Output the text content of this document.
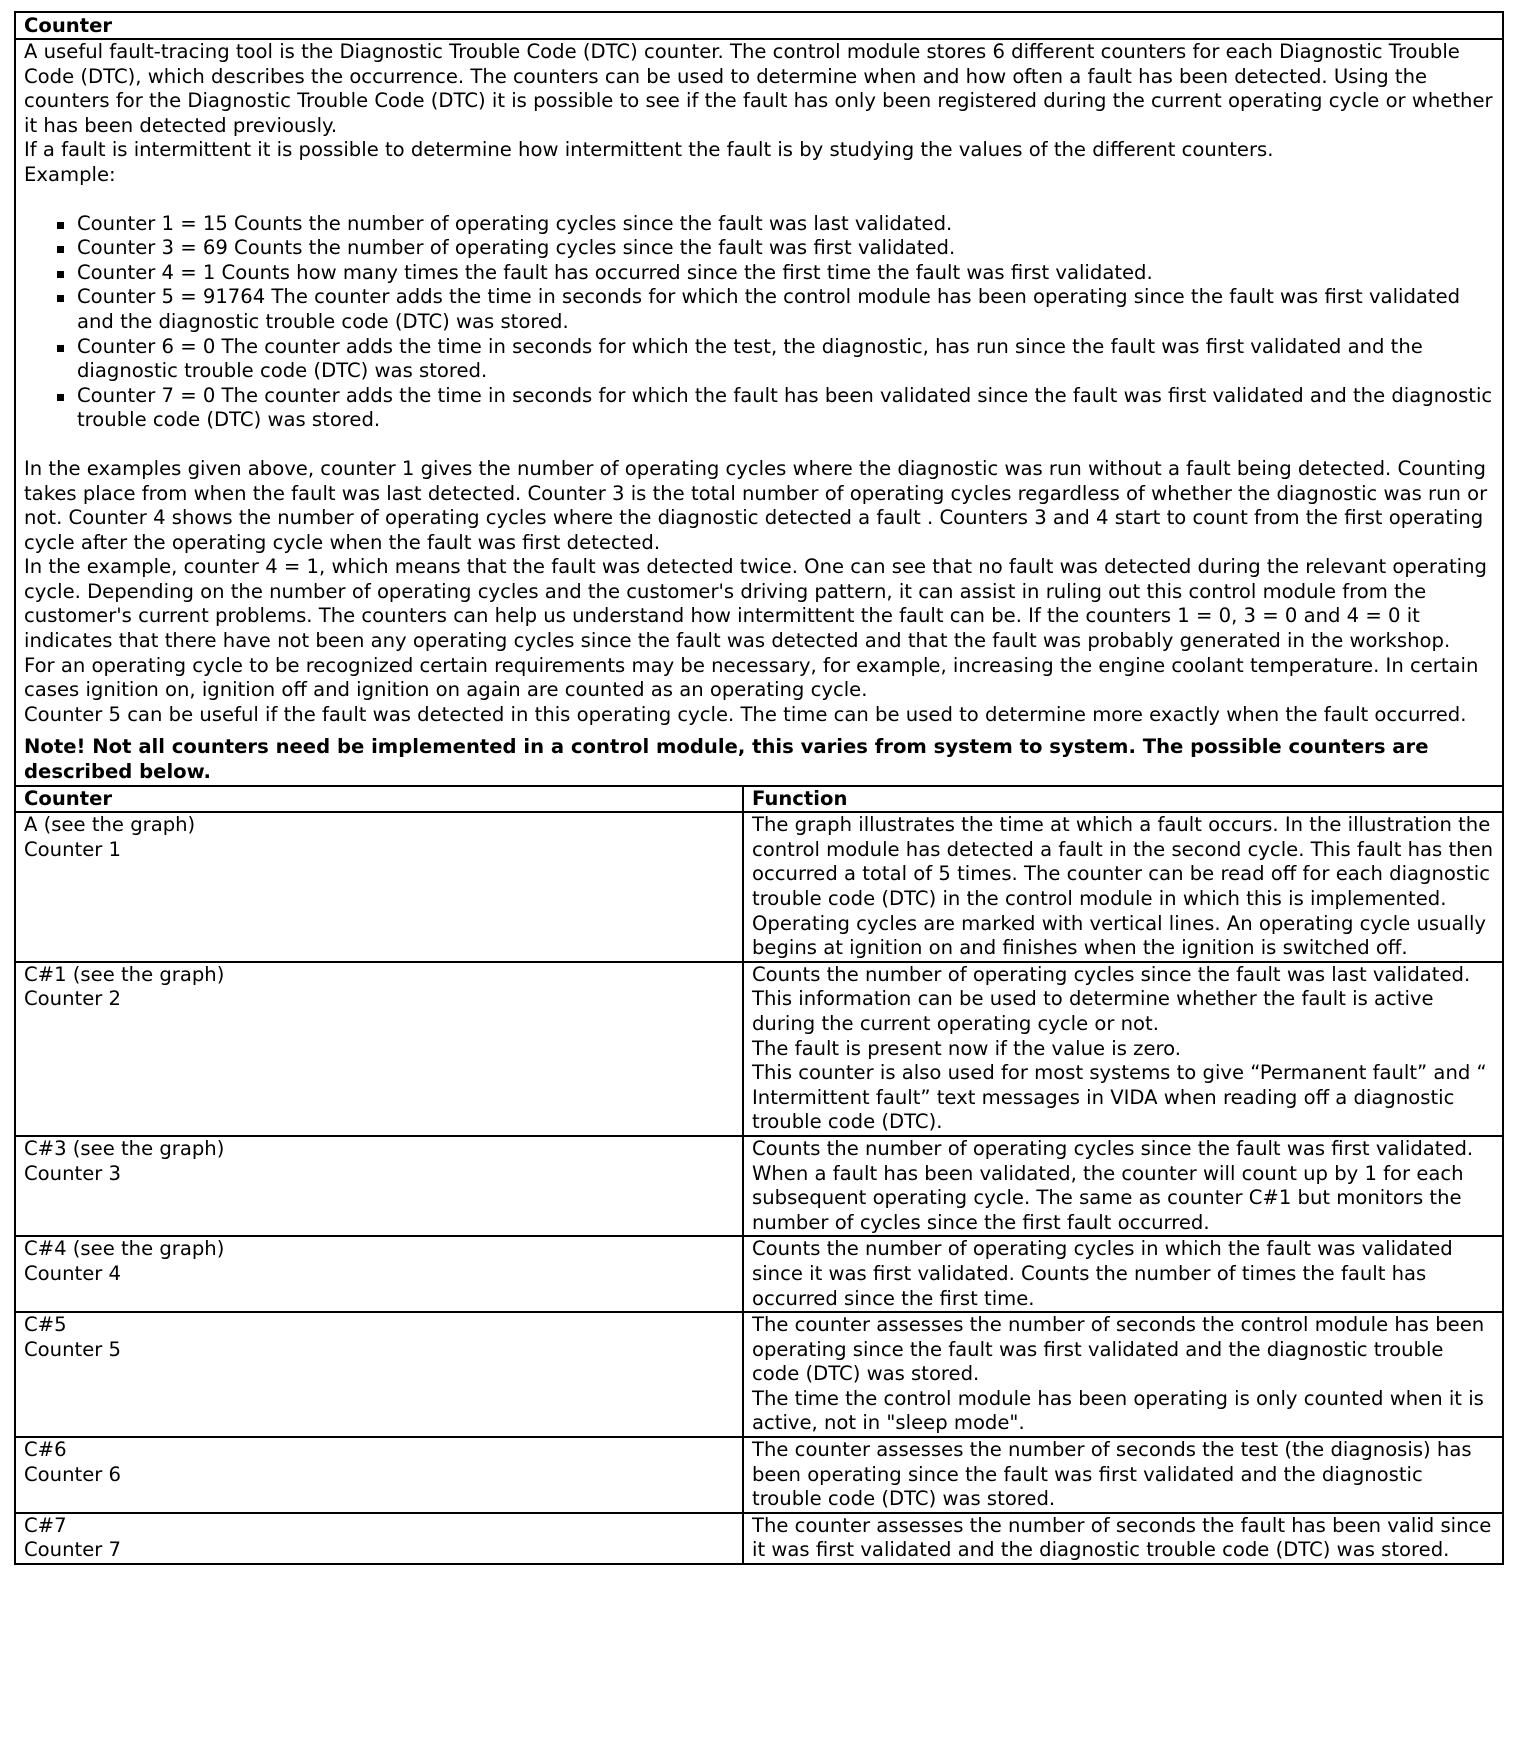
Counter

A useful fault-tracing tool is the Diagnostic Trouble Code (DTC) counter. The control module stores 6 different counters for each Diagnostic Trouble Code (DTC), which describes the occurrence. The counters can be used to determine when and how often a fault has been detected. Using the counters for the Diagnostic Trouble Code (DTC) it is possible to see if the fault has only been registered during the current operating cycle or whether it has been detected previously.

If a fault is intermittent it is possible to determine how intermittent the fault is by studying the values of the different counters.

Example:

Counter 1 = 15 Counts the number of operating cycles since the fault was last validated.
Counter 3 = 69 Counts the number of operating cycles since the fault was first validated.
Counter 4 = 1 Counts how many times the fault has occurred since the first time the fault was first validated.
Counter 5 = 91764 The counter adds the time in seconds for which the control module has been operating since the fault was first validated and the diagnostic trouble code (DTC) was stored.
Counter 6 = 0 The counter adds the time in seconds for which the test, the diagnostic, has run since the fault was first validated and the diagnostic trouble code (DTC) was stored.
Counter 7 = 0 The counter adds the time in seconds for which the fault has been validated since the fault was first validated and the diagnostic trouble code (DTC) was stored.

In the examples given above, counter 1 gives the number of operating cycles where the diagnostic was run without a fault being detected. Counting takes place from when the fault was last detected. Counter 3 is the total number of operating cycles regardless of whether the diagnostic was run or not. Counter 4 shows the number of operating cycles where the diagnostic detected a fault . Counters 3 and 4 start to count from the first operating cycle after the operating cycle when the fault was first detected.

In the example, counter 4 = 1, which means that the fault was detected twice. One can see that no fault was detected during the relevant operating cycle. Depending on the number of operating cycles and the customer's driving pattern, it can assist in ruling out this control module from the customer's current problems. The counters can help us understand how intermittent the fault can be. If the counters 1 = 0, 3 = 0 and 4 = 0 it indicates that there have not been any operating cycles since the fault was detected and that the fault was probably generated in the workshop.

For an operating cycle to be recognized certain requirements may be necessary, for example, increasing the engine coolant temperature. In certain cases ignition on, ignition off and ignition on again are counted as an operating cycle.

Counter 5 can be useful if the fault was detected in this operating cycle. The time can be used to determine more exactly when the fault occurred.

Note! Not all counters need be implemented in a control module, this varies from system to system. The possible counters are described below.
Counter	Function

A (see the graph)
Counter 1	The graph illustrates the time at which a fault occurs. In the illustration the control module has detected a fault in the second cycle. This fault has then occurred a total of 5 times. The counter can be read off for each diagnostic trouble code (DTC) in the control module in which this is implemented. Operating cycles are marked with vertical lines. An operating cycle usually begins at ignition on and finishes when the ignition is switched off.

C#1 (see the graph)
Counter 2	Counts the number of operating cycles since the fault was last validated.
This information can be used to determine whether the fault is active during the current operating cycle or not.
The fault is present now if the value is zero.
This counter is also used for most systems to give “Permanent fault” and “ Intermittent fault” text messages in VIDA when reading off a diagnostic trouble code (DTC).

C#3 (see the graph)
Counter 3	Counts the number of operating cycles since the fault was first validated.
When a fault has been validated, the counter will count up by 1 for each subsequent operating cycle. The same as counter C#1 but monitors the number of cycles since the first fault occurred.

C#4 (see the graph)
Counter 4	Counts the number of operating cycles in which the fault was validated since it was first validated. Counts the number of times the fault has occurred since the first time.

C#5
Counter 5	The counter assesses the number of seconds the control module has been operating since the fault was first validated and the diagnostic trouble code (DTC) was stored.
The time the control module has been operating is only counted when it is active, not in "sleep mode".

C#6
Counter 6	The counter assesses the number of seconds the test (the diagnosis) has been operating since the fault was first validated and the diagnostic trouble code (DTC) was stored.

C#7
Counter 7	The counter assesses the number of seconds the fault has been valid since it was first validated and the diagnostic trouble code (DTC) was stored.
